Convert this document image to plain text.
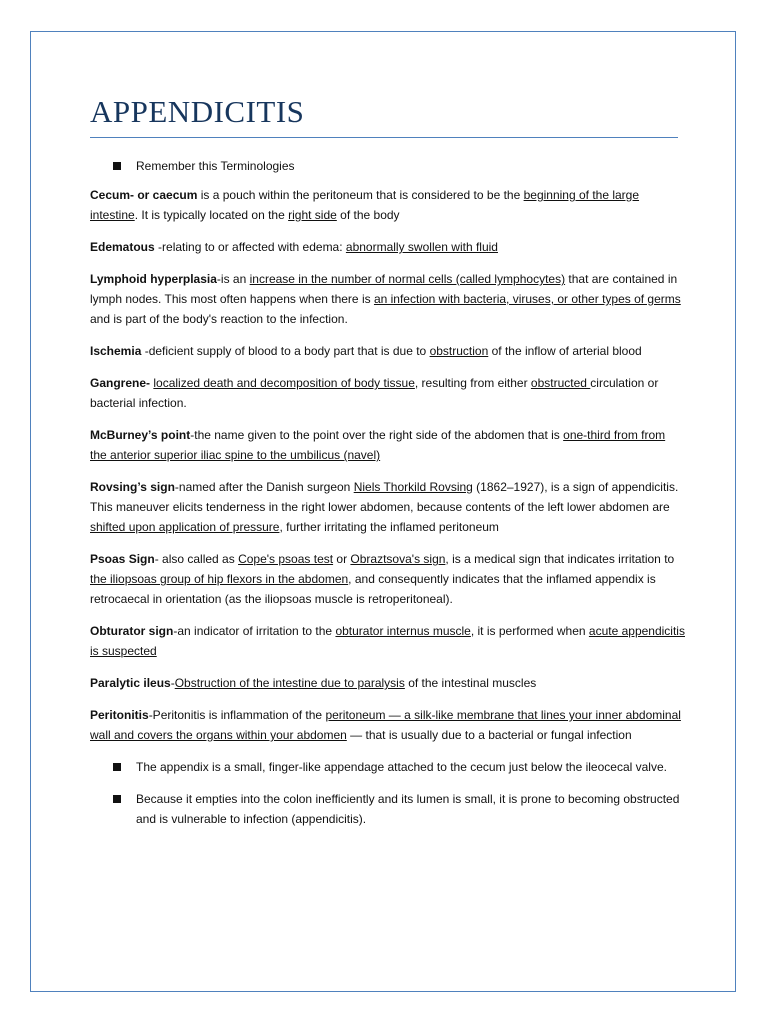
APPENDICITIS
Remember this Terminologies

Cecum- or caecum is a pouch within the peritoneum that is considered to be the beginning of the large intestine. It is typically located on the right side of the body

Edematous -relating to or affected with edema: abnormally swollen with fluid

Lymphoid hyperplasia-is an increase in the number of normal cells (called lymphocytes) that are contained in lymph nodes. This most often happens when there is an infection with bacteria, viruses, or other types of germs and is part of the body's reaction to the infection.

Ischemia -deficient supply of blood to a body part that is due to obstruction of the inflow of arterial blood

Gangrene- localized death and decomposition of body tissue, resulting from either obstructed circulation or bacterial infection.

McBurney’s point-the name given to the point over the right side of the abdomen that is one-third from from the anterior superior iliac spine to the umbilicus (navel)

Rovsing’s sign-named after the Danish surgeon Niels Thorkild Rovsing (1862–1927), is a sign of appendicitis. This maneuver elicits tenderness in the right lower abdomen, because contents of the left lower abdomen are shifted upon application of pressure, further irritating the inflamed peritoneum

Psoas Sign- also called as Cope's psoas test or Obraztsova's sign, is a medical sign that indicates irritation to the iliopsoas group of hip flexors in the abdomen, and consequently indicates that the inflamed appendix is retrocaecal in orientation (as the iliopsoas muscle is retroperitoneal).

Obturator sign-an indicator of irritation to the obturator internus muscle, it is performed when acute appendicitis is suspected

Paralytic ileus-Obstruction of the intestine due to paralysis of the intestinal muscles

Peritonitis-Peritonitis is inflammation of the peritoneum — a silk-like membrane that lines your inner abdominal wall and covers the organs within your abdomen — that is usually due to a bacterial or fungal infection

The appendix is a small, finger-like appendage attached to the cecum just below the ileocecal valve.
Because it empties into the colon inefficiently and its lumen is small, it is prone to becoming obstructed and is vulnerable to infection (appendicitis).
